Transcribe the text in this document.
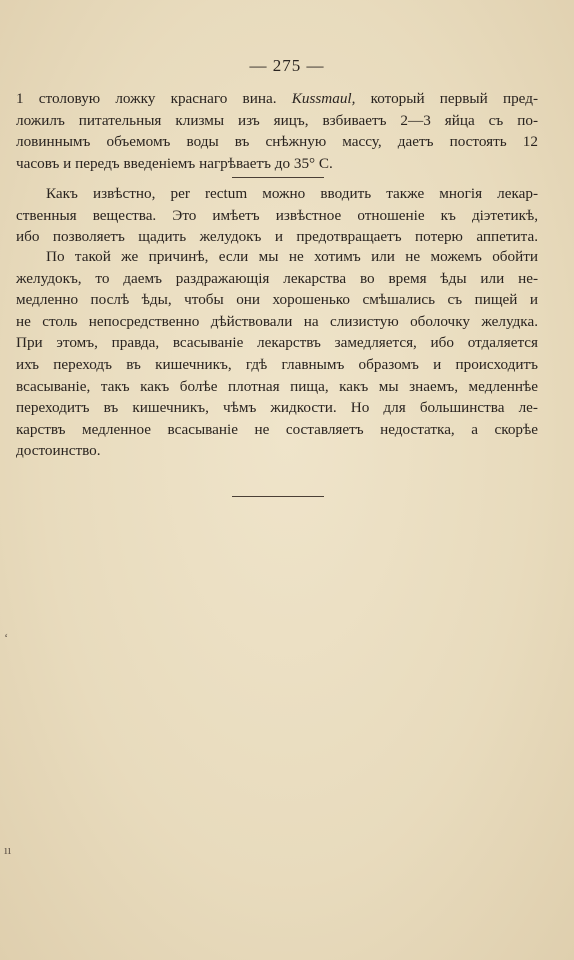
— 275 —
1 столовую ложку краснаго вина. Kussmaul, который первый пред-
ложилъ питательныя клизмы изъ яицъ, взбиваетъ 2—3 яйца съ по-
ловиннымъ объемомъ воды въ снѣжную массу, даетъ постоять 12
часовъ и передъ введеніемъ нагрѣваетъ до 35° С.
Какъ извѣстно, per rectum можно вводить также многія лекар-
ственныя вещества. Это имѣетъ извѣстное отношеніе къ діэтетикѣ,
ибо позволяетъ щадить желудокъ и предотвращаетъ потерю аппетита.
По такой же причинѣ, если мы не хотимъ или не можемъ обойти
желудокъ, то даемъ раздражающія лекарства во время ѣды или не-
медленно послѣ ѣды, чтобы они хорошенько смѣшались съ пищей и
не столь непосредственно дѣйствовали на слизистую оболочку желудка.
При этомъ, правда, всасываніе лекарствъ замедляется, ибо отдаляется
ихъ переходъ въ кишечникъ, гдѣ главнымъ образомъ и происходитъ
всасываніе, такъ какъ болѣе плотная пища, какъ мы знаемъ, медленнѣе
переходитъ въ кишечникъ, чѣмъ жидкости. Но для большинства ле-
карствъ медленное всасываніе не составляетъ недостатка, а скорѣе
достоинство.
‘
ıı
